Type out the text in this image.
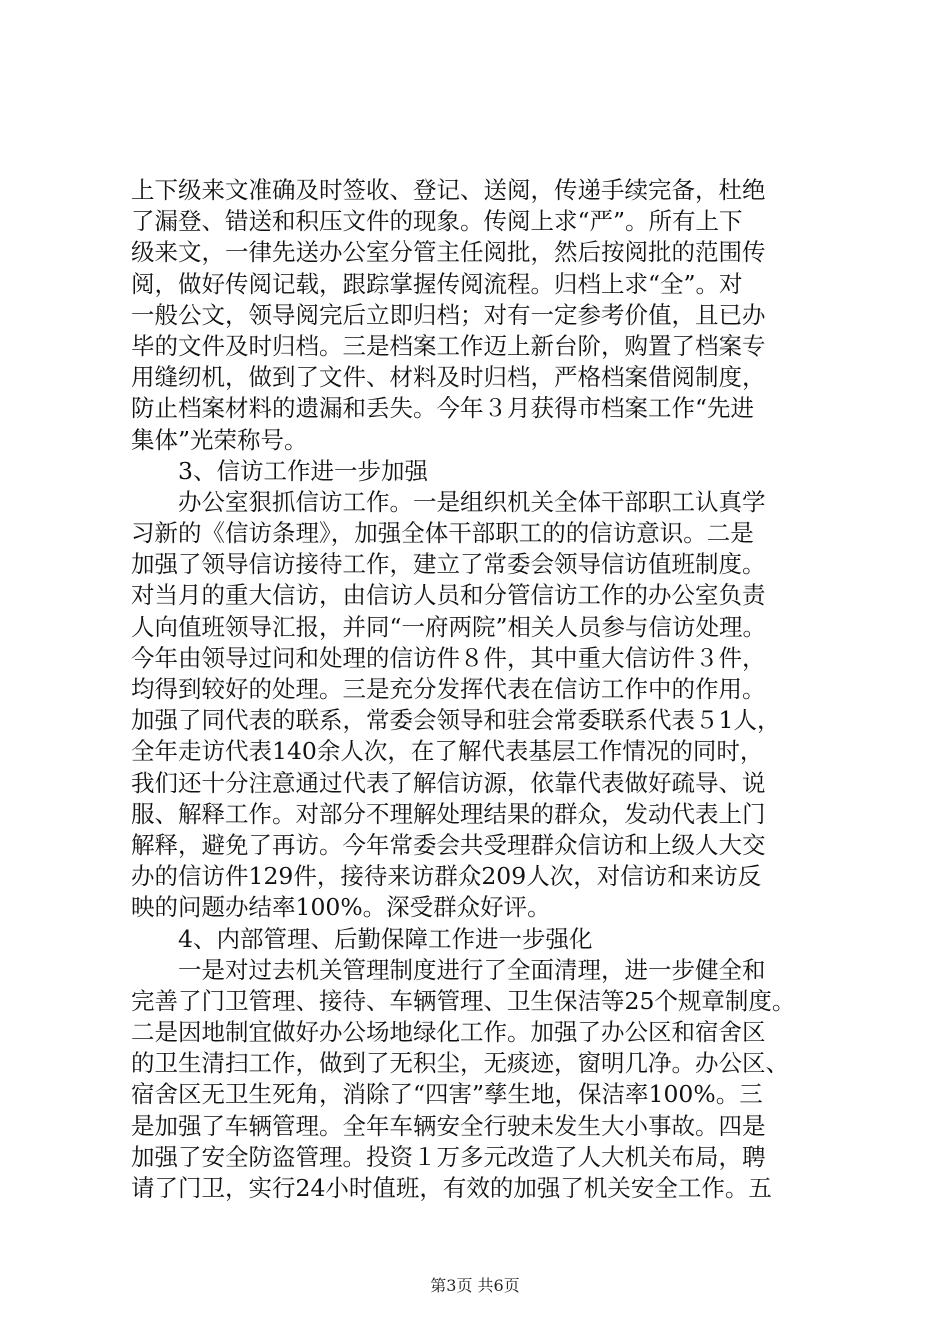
上下级来文准确及时签收、登记、送阅，传递手续完备，杜绝
了漏登、错送和积压文件的现象。传阅上求“严”。所有上下
级来文，一律先送办公室分管主任阅批，然后按阅批的范围传
阅，做好传阅记载，跟踪掌握传阅流程。归档上求“全”。对
一般公文，领导阅完后立即归档；对有一定参考价值，且已办
毕的文件及时归档。三是档案工作迈上新台阶，购置了档案专
用缝纫机，做到了文件、材料及时归档，严格档案借阅制度，
防止档案材料的遗漏和丢失。今年３月获得市档案工作“先进
集体”光荣称号。
3、信访工作进一步加强
办公室狠抓信访工作。一是组织机关全体干部职工认真学
习新的《信访条理》，加强全体干部职工的的信访意识。二是
加强了领导信访接待工作，建立了常委会领导信访值班制度。
对当月的重大信访，由信访人员和分管信访工作的办公室负责
人向值班领导汇报，并同“一府两院”相关人员参与信访处理。
今年由领导过问和处理的信访件８件，其中重大信访件３件，
均得到较好的处理。三是充分发挥代表在信访工作中的作用。
加强了同代表的联系，常委会领导和驻会常委联系代表５1人，
全年走访代表140余人次，在了解代表基层工作情况的同时，
我们还十分注意通过代表了解信访源，依靠代表做好疏导、说
服、解释工作。对部分不理解处理结果的群众，发动代表上门
解释，避免了再访。今年常委会共受理群众信访和上级人大交
办的信访件129件，接待来访群众209人次，对信访和来访反
映的问题办结率100%。深受群众好评。
4、内部管理、后勤保障工作进一步强化
一是对过去机关管理制度进行了全面清理，进一步健全和
完善了门卫管理、接待、车辆管理、卫生保洁等25个规章制度。
二是因地制宜做好办公场地绿化工作。加强了办公区和宿舍区
的卫生清扫工作，做到了无积尘，无痰迹，窗明几净。办公区、
宿舍区无卫生死角，消除了“四害”孳生地，保洁率100%。三
是加强了车辆管理。全年车辆安全行驶未发生大小事故。四是
加强了安全防盗管理。投资１万多元改造了人大机关布局，聘
请了门卫，实行24小时值班，有效的加强了机关安全工作。五
第3页 共6页
